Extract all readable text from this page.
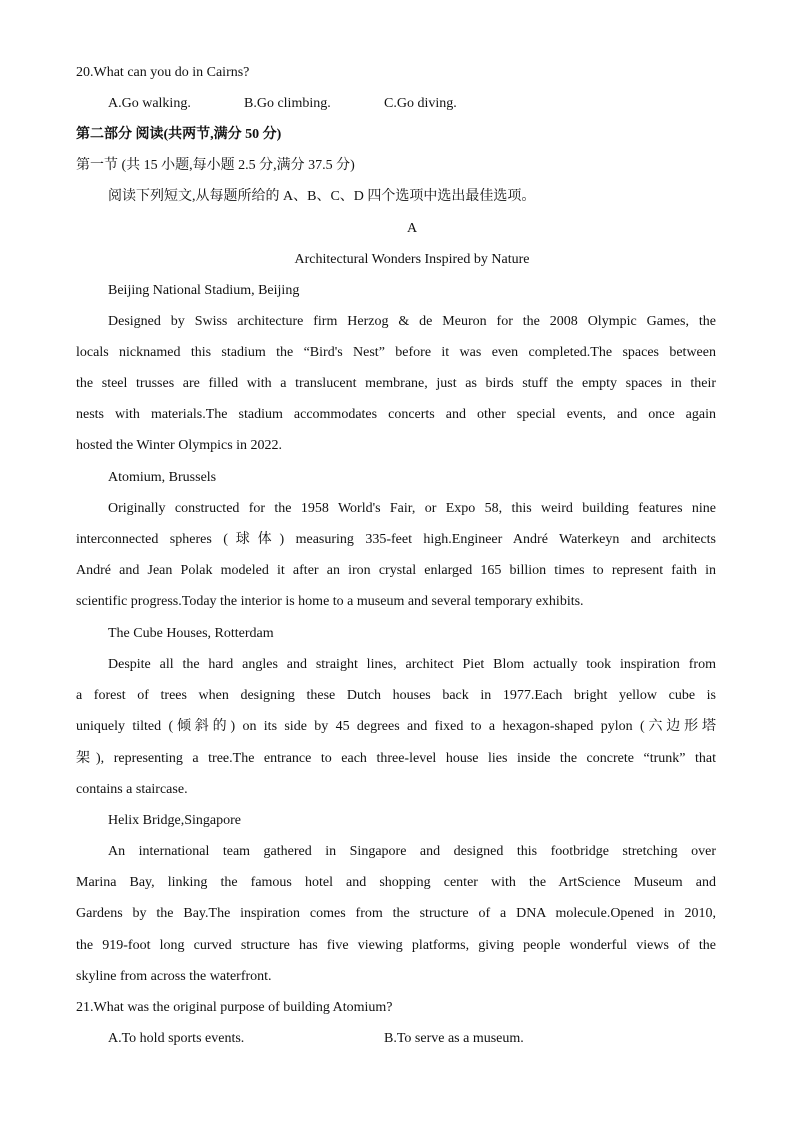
20.What can you do in Cairns?
A.Go walking.	B.Go climbing.	C.Go diving.
第二部分 阅读(共两节,满分 50 分)
第一节 (共 15 小题,每小题 2.5 分,满分 37.5 分)
阅读下列短文,从每题所给的 A、B、C、D 四个选项中选出最佳选项。
A
Architectural Wonders Inspired by Nature
Beijing National Stadium, Beijing
Designed by Swiss architecture firm Herzog & de Meuron for the 2008 Olympic Games, the
locals nicknamed this stadium the “Bird's Nest” before it was even completed.The spaces between
the steel trusses are filled with a translucent membrane, just as birds stuff the empty spaces in their
nests with materials.The stadium accommodates concerts and other special events, and once again
hosted the Winter Olympics in 2022.
Atomium, Brussels
Originally constructed for the 1958 World's Fair, or Expo 58, this weird building features nine
interconnected spheres (球体) measuring 335-feet high.Engineer André Waterkeyn and architects
André and Jean Polak modeled it after an iron crystal enlarged 165 billion times to represent faith in
scientific progress.Today the interior is home to a museum and several temporary exhibits.
The Cube Houses, Rotterdam
Despite all the hard angles and straight lines, architect Piet Blom actually took inspiration from
a forest of trees when designing these Dutch houses back in 1977.Each bright yellow cube is
uniquely tilted (倾斜的) on its side by 45 degrees and fixed to a hexagon-shaped pylon (六边形塔
架), representing a tree.The entrance to each three-level house lies inside the concrete “trunk” that
contains a staircase.
Helix Bridge,Singapore
An international team gathered in Singapore and designed this footbridge stretching over
Marina Bay, linking the famous hotel and shopping center with the ArtScience Museum and
Gardens by the Bay.The inspiration comes from the structure of a DNA molecule.Opened in 2010,
the 919-foot long curved structure has five viewing platforms, giving people wonderful views of the
skyline from across the waterfront.
21.What was the original purpose of building Atomium?
A.To hold sports events.	B.To serve as a museum.
